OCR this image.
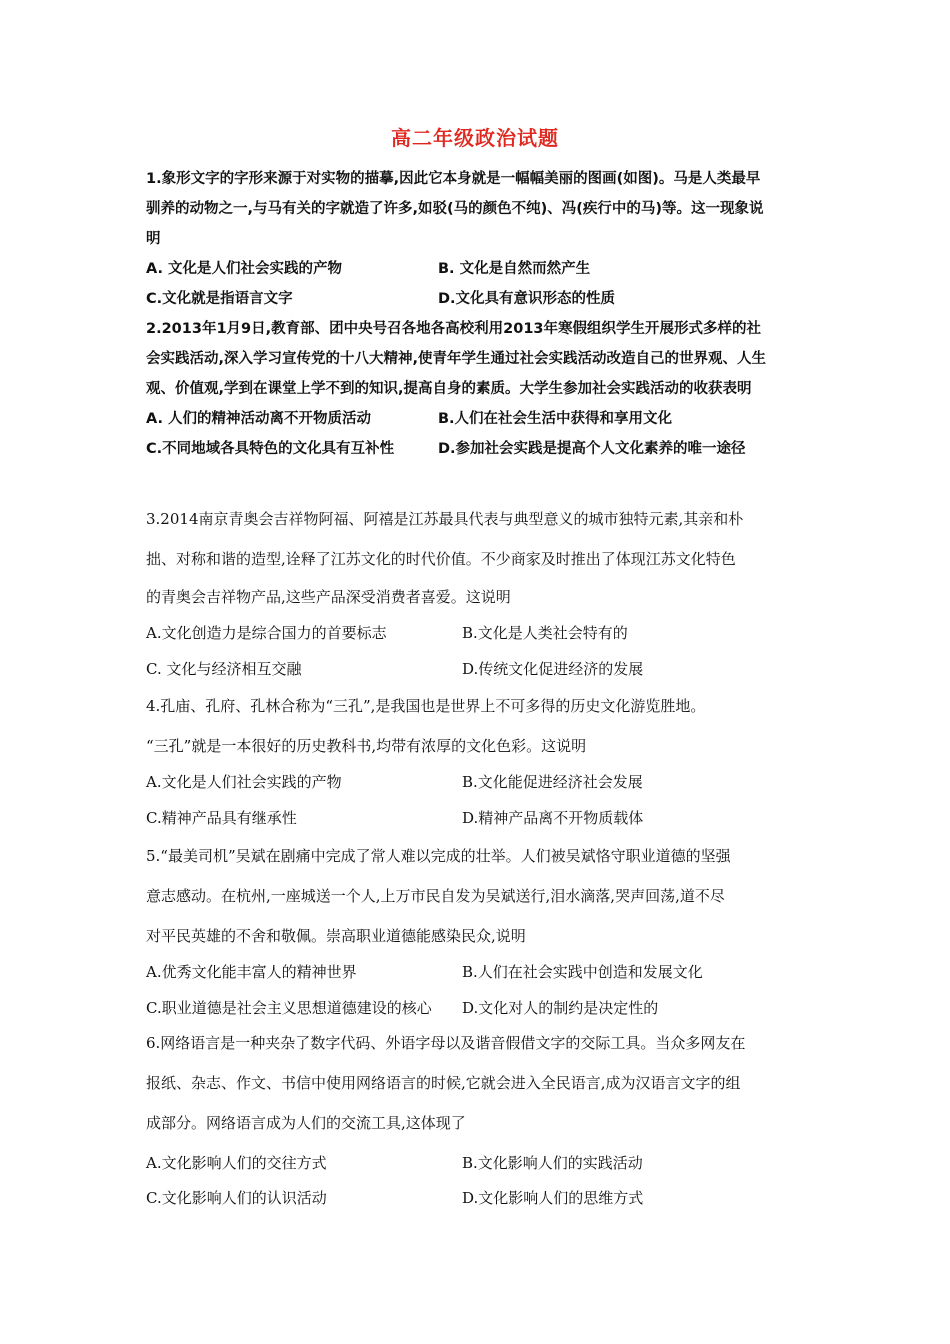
高二年级政治试题
1.象形文字的字形来源于对实物的描摹,因此它本身就是一幅幅美丽的图画(如图)。马是人类最早
驯养的动物之一,与马有关的字就造了许多,如驳(马的颜色不纯)、冯(疾行中的马)等。这一现象说
明
A. 文化是人们社会实践的产物	B. 文化是自然而然产生
C.文化就是指语言文字	D.文化具有意识形态的性质
2.2013年1月9日,教育部、团中央号召各地各高校利用2013年寒假组织学生开展形式多样的社
会实践活动,深入学习宣传党的十八大精神,使青年学生通过社会实践活动改造自己的世界观、人生
观、价值观,学到在课堂上学不到的知识,提高自身的素质。大学生参加社会实践活动的收获表明
A. 人们的精神活动离不开物质活动	B.人们在社会生活中获得和享用文化
C.不同地域各具特色的文化具有互补性	D.参加社会实践是提高个人文化素养的唯一途径
3.2014南京青奥会吉祥物阿福、阿禧是江苏最具代表与典型意义的城市独特元素,其亲和朴
拙、对称和谐的造型,诠释了江苏文化的时代价值。不少商家及时推出了体现江苏文化特色
的青奥会吉祥物产品,这些产品深受消费者喜爱。这说明
A.文化创造力是综合国力的首要标志	B.文化是人类社会特有的
C. 文化与经济相互交融	D.传统文化促进经济的发展
4.孔庙、孔府、孔林合称为“三孔”,是我国也是世界上不可多得的历史文化游览胜地。
“三孔”就是一本很好的历史教科书,均带有浓厚的文化色彩。这说明
A.文化是人们社会实践的产物	B.文化能促进经济社会发展
C.精神产品具有继承性	D.精神产品离不开物质载体
5.“最美司机”吴斌在剧痛中完成了常人难以完成的壮举。人们被吴斌恪守职业道德的坚强
意志感动。在杭州,一座城送一个人,上万市民自发为吴斌送行,泪水滴落,哭声回荡,道不尽
对平民英雄的不舍和敬佩。崇高职业道德能感染民众,说明
A.优秀文化能丰富人的精神世界	B.人们在社会实践中创造和发展文化
C.职业道德是社会主义思想道德建设的核心 D.文化对人的制约是决定性的
6.网络语言是一种夹杂了数字代码、外语字母以及谐音假借文字的交际工具。当众多网友在
报纸、杂志、作文、书信中使用网络语言的时候,它就会进入全民语言,成为汉语言文字的组
成部分。网络语言成为人们的交流工具,这体现了
A.文化影响人们的交往方式	B.文化影响人们的实践活动
C.文化影响人们的认识活动	D.文化影响人们的思维方式
